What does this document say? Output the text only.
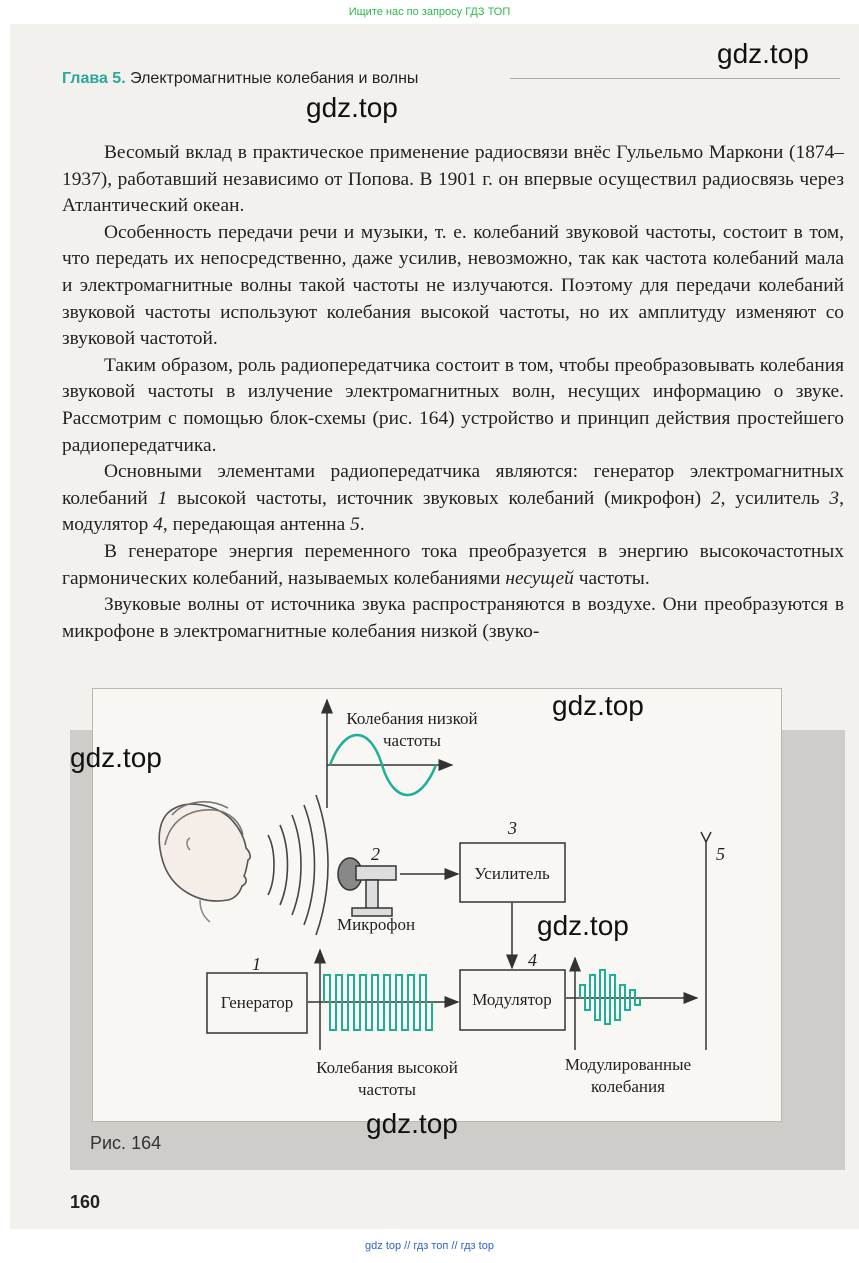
Ищите нас по запросу ГДЗ ТОП
Глава 5. Электромагнитные колебания и волны
gdz.top
gdz.top

Весомый вклад в практическое применение радиосвязи внёс Гульельмо Маркони (1874–1937), работавший независимо от Попова. В 1901 г. он впервые осуществил радиосвязь через Атлантический океан.

Особенность передачи речи и музыки, т. е. колебаний звуковой частоты, состоит в том, что передать их непосредственно, даже усилив, невозможно, так как частота колебаний мала и электромагнитные волны такой частоты не излучаются. Поэтому для передачи колебаний звуковой частоты используют колебания высокой частоты, но их амплитуду изменяют со звуковой частотой.

Таким образом, роль радиопередатчика состоит в том, чтобы преобразовывать колебания звуковой частоты в излучение электромагнитных волн, несущих информацию о звуке. Рассмотрим с помощью блок-схемы (рис. 164) устройство и принцип действия простейшего радиопередатчика.

Основными элементами радиопередатчика являются: генератор электромагнитных колебаний 1 высокой частоты, источник звуковых колебаний (микрофон) 2, усилитель 3, модулятор 4, передающая антенна 5.

В генераторе энергия переменного тока преобразуется в энергию высокочастотных гармонических колебаний, называемых колебаниями несущей частоты.

Звуковые волны от источника звука распространяются в воздухе. Они преобразуются в микрофоне в электромагнитные колебания низкой (звуко-

Колебания низкой
частоты
2
Микрофон
Усилитель
3
5
Генератор
1
Колебания высокой
частоты
Модулятор
4
Модулированные
колебания
gdz.top
gdz.top
gdz.top
gdz.top
Рис. 164
160
gdz top // гдз топ // гдз top
